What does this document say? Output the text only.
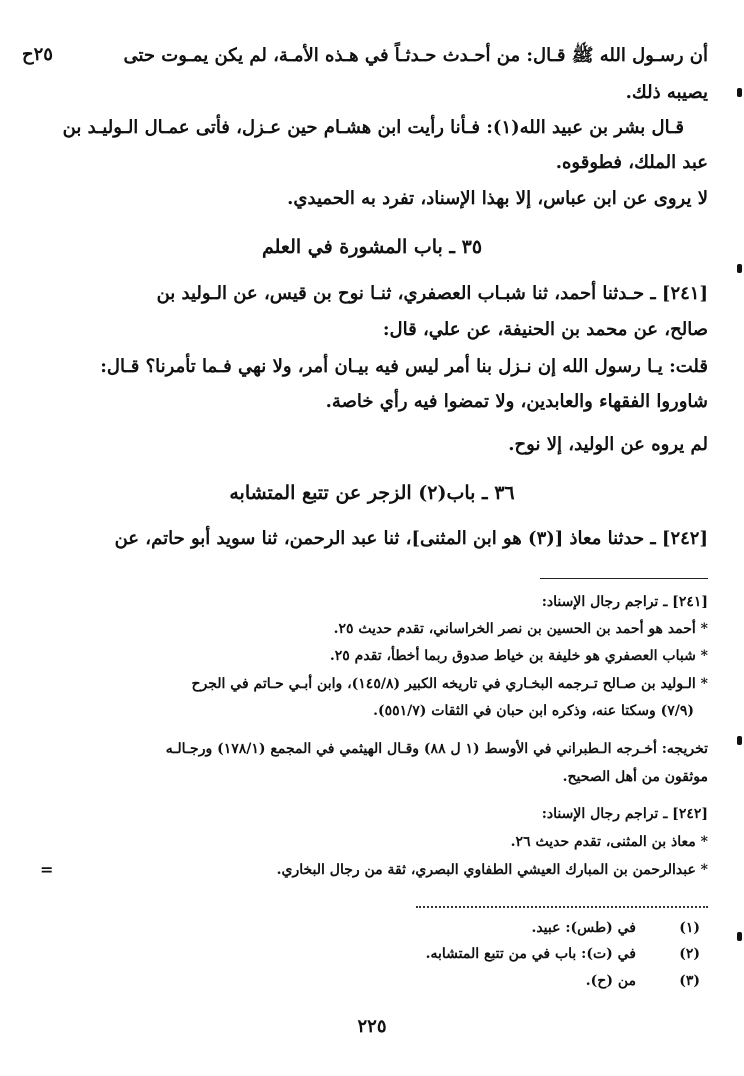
أن رسـول الله ﷺ قـال: من أحـدث حـدثـاً في هـذه الأمـة، لم يكن يمـوت حتى
٢٥ح
يصيبه ذلك.
قـال بشر بن عبيد الله(١): فـأنا رأيت ابن هشـام حين عـزل، فأتى عمـال الـوليـد بن
عبد الملك، فطوقوه.
لا يروى عن ابن عباس، إلا بهذا الإسناد، تفرد به الحميدي.
٣٥ ـ باب المشورة في العلم
[٢٤١] ـ حـدثنا أحمد، ثنا شبـاب العصفري، ثنـا نوح بن قيس، عن الـوليد بن
صالح، عن محمد بن الحنيفة، عن علي، قال:
قلت: يـا رسول الله إن نـزل بنا أمر ليس فيه بيـان أمر، ولا نهي فـما تأمرنا؟ قـال:
شاوروا الفقهاء والعابدين، ولا تمضوا فيه رأي خاصة.
لم يروه عن الوليد، إلا نوح.
٣٦ ـ باب(٢) الزجر عن تتبع المتشابه
[٢٤٢] ـ حدثنا معاذ [(٣) هو ابن المثنى]، ثنا عبد الرحمن، ثنا سويد أبو حاتم، عن
[٢٤١] ـ تراجم رجال الإسناد:
* أحمد هو أحمد بن الحسين بن نصر الخراساني، تقدم حديث ٢٥.
* شباب العصفري هو خليفة بن خياط صدوق ربما أخطأ، تقدم ٢٥.
* الـوليد بن صـالح تـرجمه البخـاري في تاريخه الكبير (١٤٥/٨)، وابن أبـي حـاتم في الجرح
(٧/٩) وسكتا عنه، وذكره ابن حبان في الثقات (٥٥١/٧).
تخريجه: أخـرجه الـطبراني في الأوسط (١ ل ٨٨) وقـال الهيثمي في المجمع (١٧٨/١) ورجـالـه
موثقون من أهل الصحيح.
[٢٤٢] ـ تراجم رجال الإسناد:
* معاذ بن المثنى، تقدم حديث ٢٦.
* عبدالرحمن بن المبارك العيشي الطفاوي البصري، ثقة من رجال البخاري.
=
(١)
في (طس): عبيد.
(٢)
في (ت): باب في من تتبع المتشابه.
(٣)
من (ح).
٢٢٥
